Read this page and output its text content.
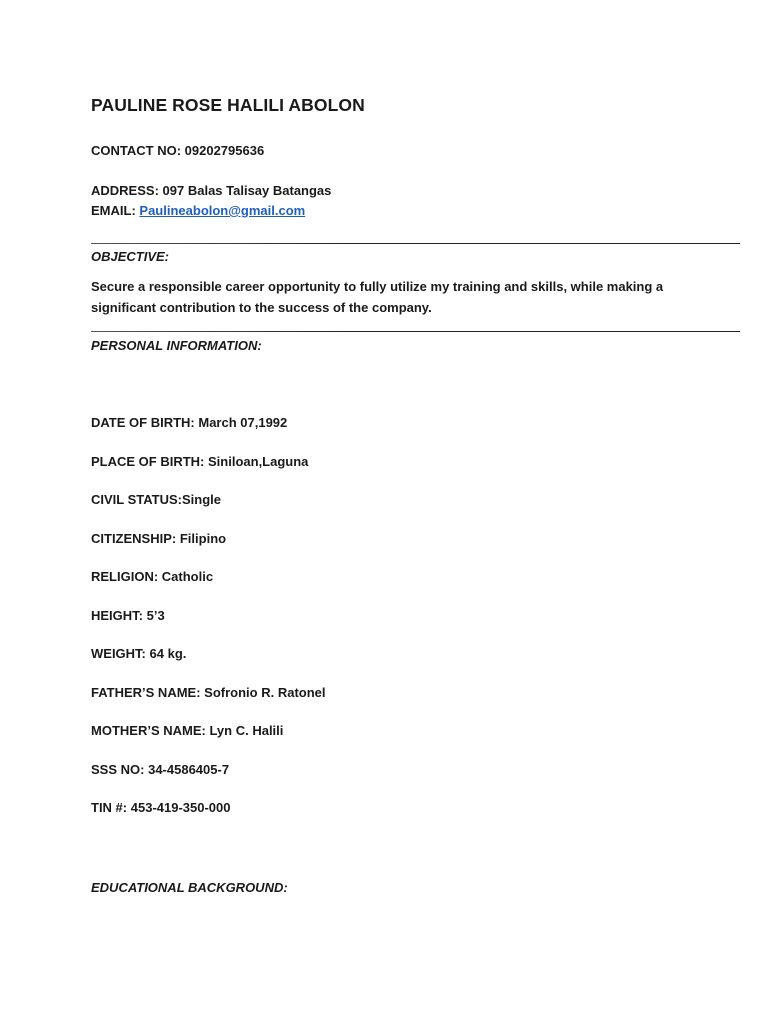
PAULINE ROSE HALILI ABOLON
CONTACT NO: 09202795636
ADDRESS: 097 Balas Talisay Batangas
EMAIL: Paulineabolon@gmail.com
OBJECTIVE:
Secure a responsible career opportunity to fully utilize my training and skills, while making a significant contribution to the success of the company.
PERSONAL INFORMATION:
DATE OF BIRTH: March 07,1992
PLACE OF BIRTH: Siniloan,Laguna
CIVIL STATUS:Single
CITIZENSHIP: Filipino
RELIGION: Catholic
HEIGHT: 5’3
WEIGHT: 64 kg.
FATHER’S NAME: Sofronio R. Ratonel
MOTHER’S NAME: Lyn C. Halili
SSS NO: 34-4586405-7
TIN #: 453-419-350-000
EDUCATIONAL BACKGROUND:
